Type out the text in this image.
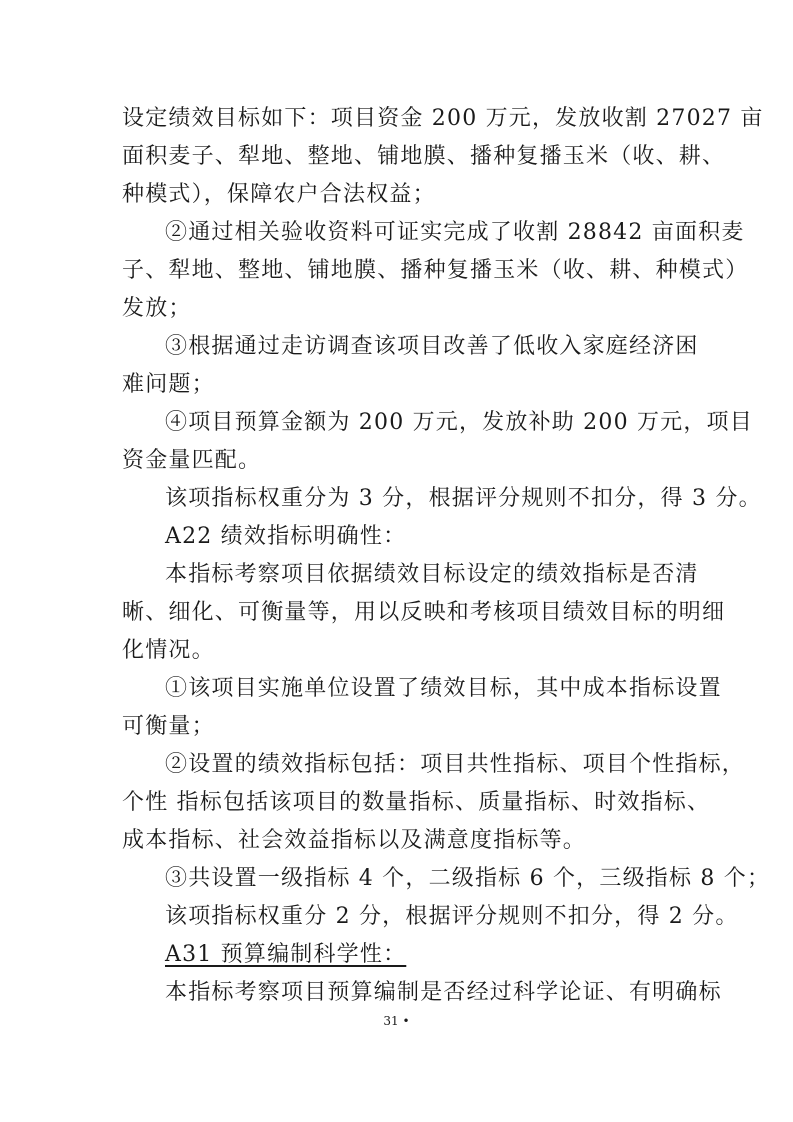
设定绩效目标如下：项目资金 200 万元，发放收割 27027 亩
面积麦子、犁地、整地、铺地膜、播种复播玉米（收、耕、
种模式），保障农户合法权益；
②通过相关验收资料可证实完成了收割 28842 亩面积麦
子、犁地、整地、铺地膜、播种复播玉米（收、耕、种模式）
发放；
③根据通过走访调查该项目改善了低收入家庭经济困
难问题；
④项目预算金额为 200 万元，发放补助 200 万元，项目
资金量匹配。
该项指标权重分为 3 分，根据评分规则不扣分，得 3 分。
A22 绩效指标明确性：
本指标考察项目依据绩效目标设定的绩效指标是否清
晰、细化、可衡量等，用以反映和考核项目绩效目标的明细
化情况。
①该项目实施单位设置了绩效目标，其中成本指标设置
可衡量；
②设置的绩效指标包括：项目共性指标、项目个性指标，
个性 指标包括该项目的数量指标、质量指标、时效指标、
成本指标、社会效益指标以及满意度指标等。
③共设置一级指标 4 个，二级指标 6 个，三级指标 8 个；
该项指标权重分 2 分，根据评分规则不扣分，得 2 分。
A31 预算编制科学性：
本指标考察项目预算编制是否经过科学论证、有明确标
31 •
